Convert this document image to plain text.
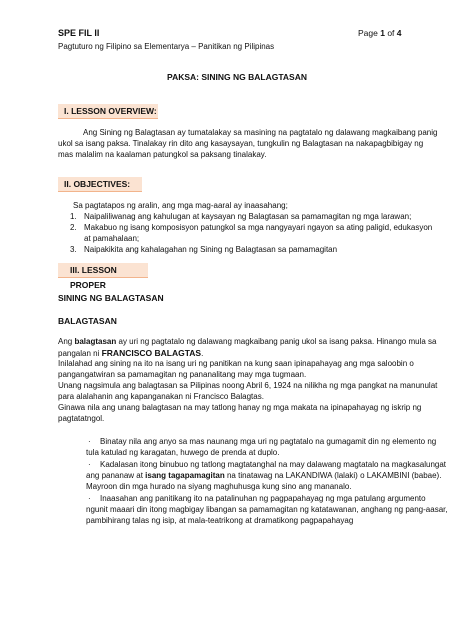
SPE FIL II
Pagtuturo ng Filipino sa Elementarya – Panitikan ng Pilipinas
Page 1 of 4
PAKSA: SINING NG BALAGTASAN
I. LESSON OVERVIEW:
Ang Sining ng Balagtasan ay tumatalakay sa masining na pagtatalo ng dalawang magkaibang panig
ukol sa isang paksa. Tinalakay rin dito ang kasaysayan, tungkulin ng Balagtasan na nakapagbibigay ng
mas malalim na kaalaman patungkol sa paksang tinalakay.
II. OBJECTIVES:
Sa pagtatapos ng aralin, ang mga mag-aaral ay inaasahang;
1. Naipaliliwanag ang kahulugan at kaysayan ng Balagtasan sa pamamagitan ng mga larawan;
2. Makabuo ng isang komposisyon patungkol sa mga nangyayari ngayon sa ating paligid, edukasyon
at pamahalaan;
3. Naipakikita ang kahalagahan ng Sining ng Balagtasan sa pamamagitan
III. LESSON PROPER
SINING NG BALAGTASAN
BALAGTASAN
Ang balagtasan ay uri ng pagtatalo ng dalawang magkaibang panig ukol sa isang paksa. Hinango mula sa
pangalan ni FRANCISCO BALAGTAS.
Inilalahad ang sining na ito na isang uri ng panitikan na kung saan ipinapahayag ang mga saloobin o
pangangatwiran sa pamamagitan ng pananalitang may mga tugmaan.
Unang nagsimula ang balagtasan sa Pilipinas noong Abril 6, 1924 na nilikha ng mga pangkat na manunulat
para alalahanin ang kapanganakan ni Francisco Balagtas.
Ginawa nila ang unang balagtasan na may tatlong hanay ng mga makata na ipinapahayag ng iskrip ng
pagtatatngol.
· Binatay nila ang anyo sa mas naunang mga uri ng pagtatalo na gumagamit din ng elemento ng
tula katulad ng karagatan, huwego de prenda at duplo.
· Kadalasan itong binubuo ng tatlong magtatanghal na may dalawang magtatalo na magkasalungat
ang pananaw at isang tagapamagitan na tinatawag na LAKANDIWA (lalaki) o LAKAMBINI (babae).
Mayroon din mga hurado na siyang maghuhusga kung sino ang mananalo.
· Inaasahan ang panitikang ito na patalinuhan ng pagpapahayag ng mga patulang argumento
ngunit maaari din itong magbigay libangan sa pamamagitan ng katatawanan, anghang ng pang-aasar,
pambihirang talas ng isip, at mala-teatrikong at dramatikong pagpapahayag
